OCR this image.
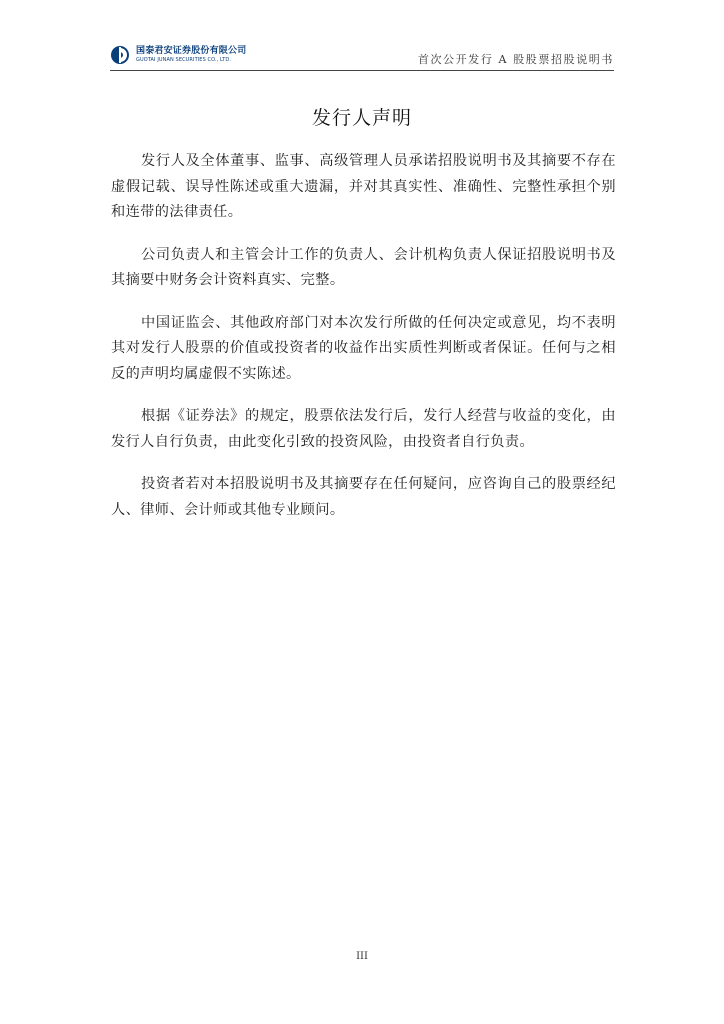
国泰君安证券股份有限公司
GUOTAI JUNAN SECURITIES CO., LTD.	首次公开发行 A 股股票招股说明书
发行人声明

发行人及全体董事、监事、高级管理人员承诺招股说明书及其摘要不存在虚假记载、误导性陈述或重大遗漏，并对其真实性、准确性、完整性承担个别和连带的法律责任。

公司负责人和主管会计工作的负责人、会计机构负责人保证招股说明书及其摘要中财务会计资料真实、完整。

中国证监会、其他政府部门对本次发行所做的任何决定或意见，均不表明其对发行人股票的价值或投资者的收益作出实质性判断或者保证。任何与之相反的声明均属虚假不实陈述。

根据《证券法》的规定，股票依法发行后，发行人经营与收益的变化，由发行人自行负责，由此变化引致的投资风险，由投资者自行负责。

投资者若对本招股说明书及其摘要存在任何疑问，应咨询自己的股票经纪人、律师、会计师或其他专业顾问。

III
